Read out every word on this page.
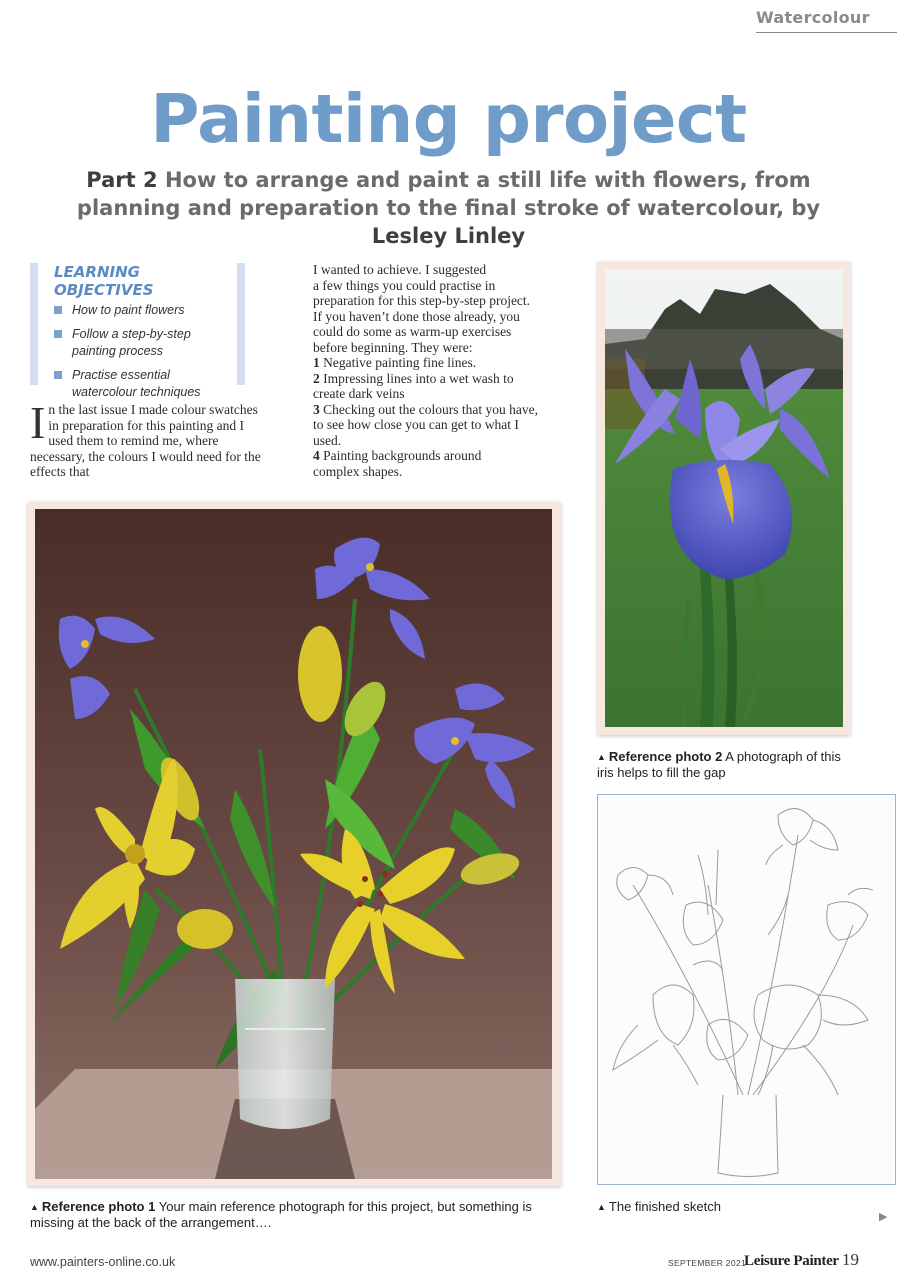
Watercolour
Painting project
Part 2 How to arrange and paint a still life with flowers, from planning and preparation to the final stroke of watercolour, by Lesley Linley
LEARNING OBJECTIVES
How to paint flowers
Follow a step-by-step painting process
Practise essential watercolour techniques
In the last issue I made colour swatches in preparation for this painting and I used them to remind me, where necessary, the colours I would need for the effects that
I wanted to achieve. I suggested
a few things you could practise in
preparation for this step-by-step project.
If you haven’t done those already, you
could do some as warm-up exercises
before beginning. They were:
1 Negative painting fine lines.
2 Impressing lines into a wet wash to create dark veins
3 Checking out the colours that you have, to see how close you can get to what I used.
4 Painting backgrounds around complex shapes.
▲ Reference photo 2 A photograph of this iris helps to fill the gap
▲ Reference photo 1 Your main reference photograph for this project, but something is missing at the back of the arrangement….
▲ The finished sketch
▶
www.painters-online.co.uk	SEPTEMBER 2021
Leisure Painter 19
